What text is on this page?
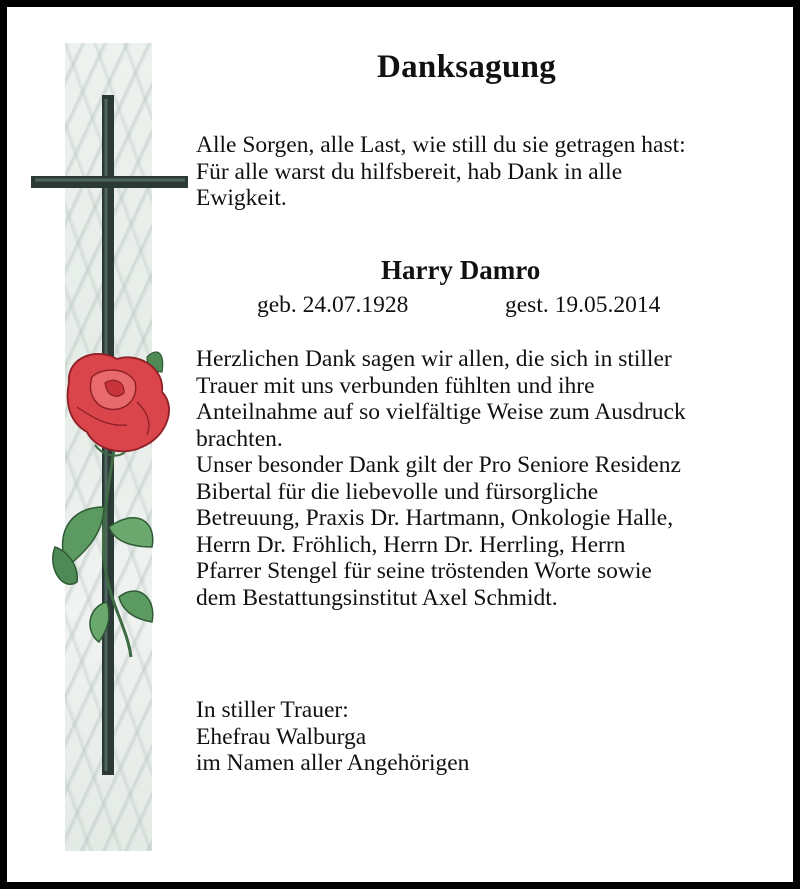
Danksagung

Alle Sorgen, alle Last, wie still du sie getragen hast:
Für alle warst du hilfsbereit, hab Dank in alle
Ewigkeit.

Harry Damro
geb. 24.07.1928	gest. 19.05.2014

Herzlichen Dank sagen wir allen, die sich in stiller
Trauer mit uns verbunden fühlten und ihre
Anteilnahme auf so vielfältige Weise zum Ausdruck
brachten.
Unser besonder Dank gilt der Pro Seniore Residenz
Bibertal für die liebevolle und fürsorgliche
Betreuung, Praxis Dr. Hartmann, Onkologie Halle,
Herrn Dr. Fröhlich, Herrn Dr. Herrling, Herrn
Pfarrer Stengel für seine tröstenden Worte sowie
dem Bestattungsinstitut Axel Schmidt.

In stiller Trauer:
Ehefrau Walburga
im Namen aller Angehörigen
